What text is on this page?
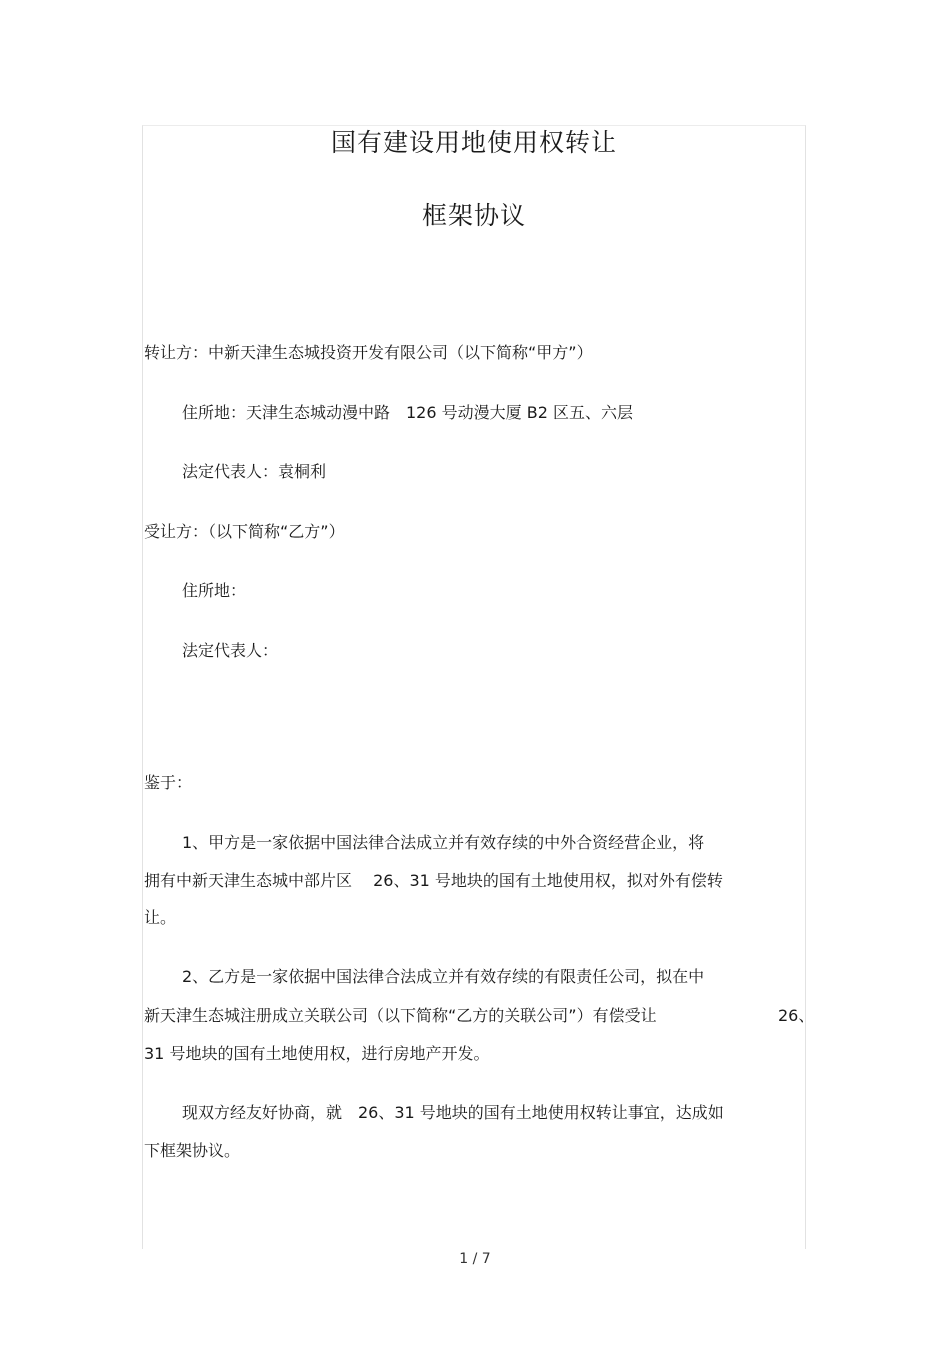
国有建设用地使用权转让
框架协议
转让方：中新天津生态城投资开发有限公司（以下简称“甲方”）
住所地：天津生态城动漫中路　126 号动漫大厦 B2 区五、六层
法定代表人：袁桐利
受让方：（以下简称“乙方”）
住所地：
法定代表人：
鉴于：
1、甲方是一家依据中国法律合法成立并有效存续的中外合资经营企业，将
拥有中新天津生态城中部片区　 26、31 号地块的国有土地使用权，拟对外有偿转
让。
2、乙方是一家依据中国法律合法成立并有效存续的有限责任公司，拟在中
新天津生态城注册成立关联公司（以下简称“乙方的关联公司”）有偿受让	26、
31 号地块的国有土地使用权，进行房地产开发。
现双方经友好协商，就　26、31 号地块的国有土地使用权转让事宜，达成如
下框架协议。
1 / 7
